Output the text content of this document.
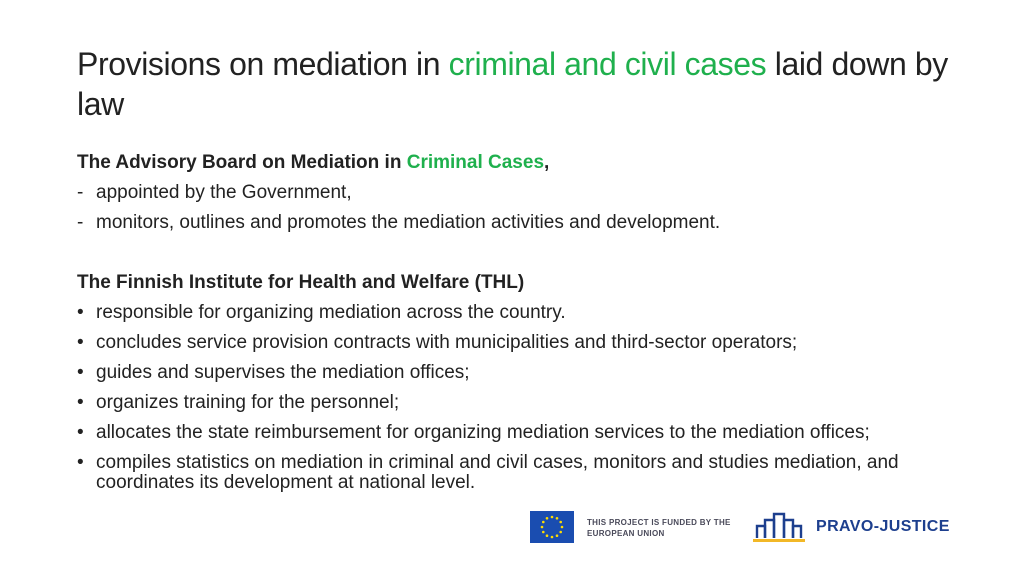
Provisions on mediation in criminal and civil cases laid down by law
The Advisory Board on Mediation in Criminal Cases,
- appointed by the Government,
- monitors, outlines and promotes the mediation activities and development.
The Finnish Institute for Health and Welfare (THL)
• responsible for organizing mediation across the country.
• concludes service provision contracts with municipalities and third-sector operators;
• guides and supervises the mediation offices;
• organizes training for the personnel;
• allocates the state reimbursement for organizing mediation services to the mediation offices;
• compiles statistics on mediation in criminal and civil cases, monitors and studies mediation, and coordinates its development at national level.
THIS PROJECT IS FUNDED BY THE EUROPEAN UNION	PRAVO-JUSTICE
